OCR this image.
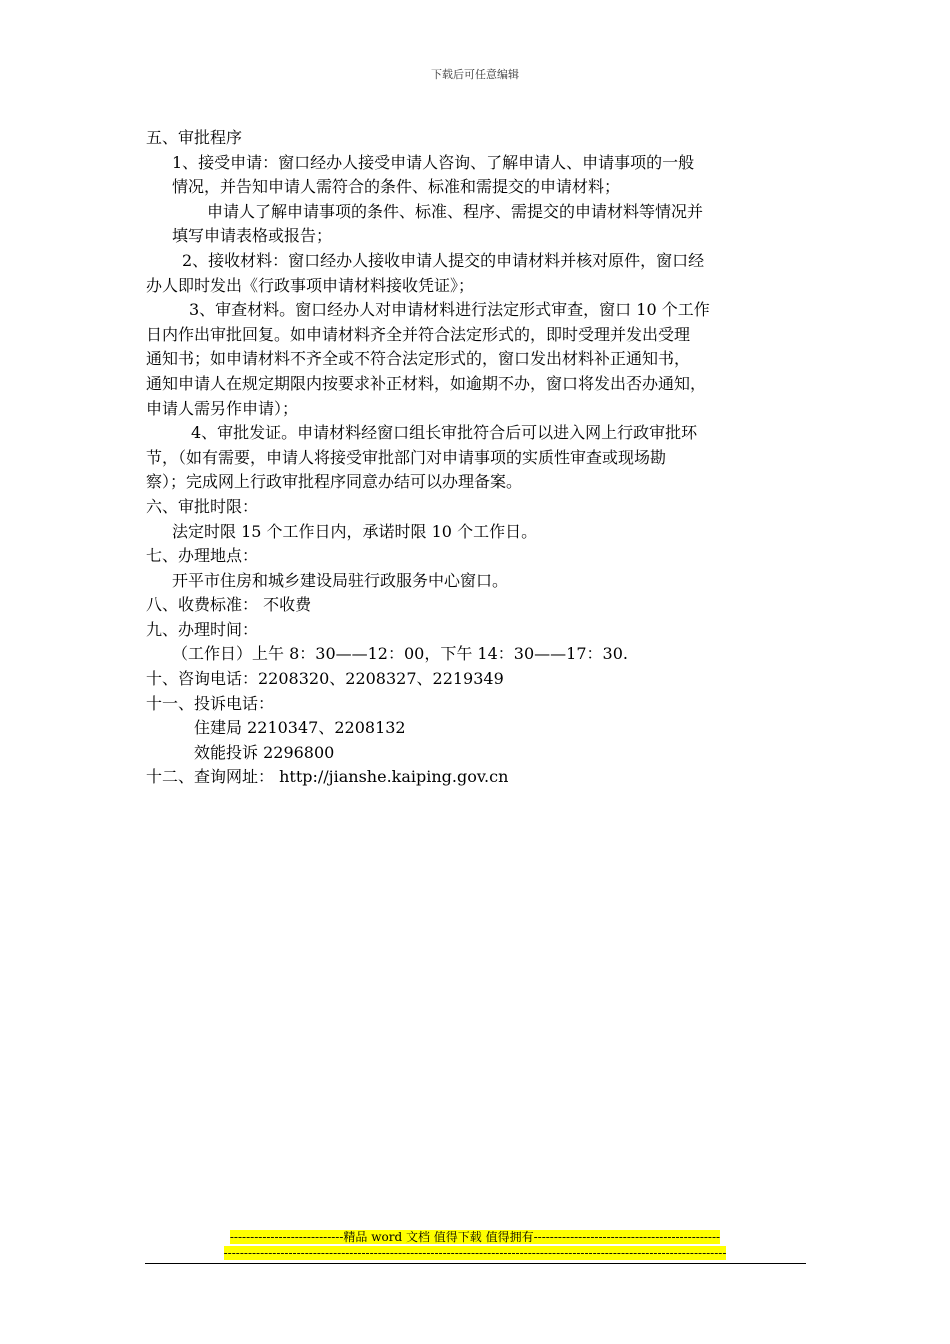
下载后可任意编辑
五、审批程序
1、接受申请：窗口经办人接受申请人咨询、了解申请人、申请事项的一般
情况，并告知申请人需符合的条件、标准和需提交的申请材料；
申请人了解申请事项的条件、标准、程序、需提交的申请材料等情况并
填写申请表格或报告；
2、接收材料：窗口经办人接收申请人提交的申请材料并核对原件，窗口经
办人即时发出《行政事项申请材料接收凭证》；
3、审查材料。窗口经办人对申请材料进行法定形式审查，窗口 10 个工作
日内作出审批回复。如申请材料齐全并符合法定形式的，即时受理并发出受理
通知书；如申请材料不齐全或不符合法定形式的，窗口发出材料补正通知书，
通知申请人在规定期限内按要求补正材料，如逾期不办，窗口将发出否办通知，
申请人需另作申请）；
4、审批发证。申请材料经窗口组长审批符合后可以进入网上行政审批环
节，（如有需要，申请人将接受审批部门对申请事项的实质性审查或现场勘
察）；完成网上行政审批程序同意办结可以办理备案。
六、审批时限：
法定时限 15 个工作日内，承诺时限 10 个工作日。
七、办理地点：
开平市住房和城乡建设局驻行政服务中心窗口。
八、收费标准： 不收费
九、办理时间：
（工作日）上午 8：30——12：00，下午 14：30——17：30.
十、咨询电话：2208320、2208327、2219349
十一、投诉电话：
住建局 2210347、2208132
效能投诉 2296800
十二、查询网址： http://jianshe.kaiping.gov.cn
----------------------------精品 word 文档 值得下载 值得拥有----------------------------------------------
----------------------------------------------------------------------------------------------------------------------------
